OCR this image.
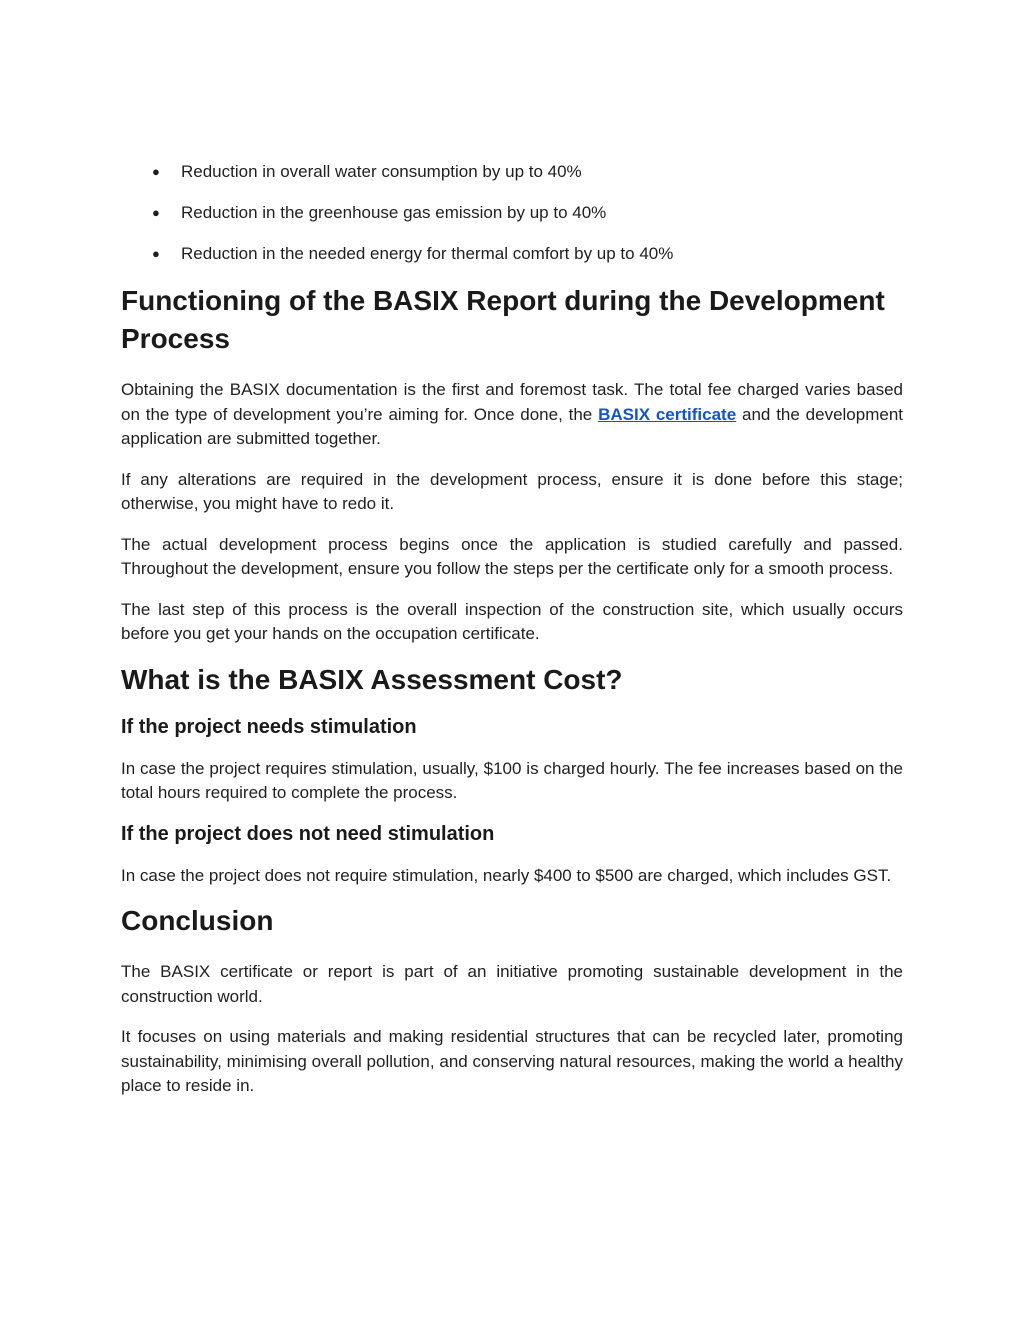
● Reduction in overall water consumption by up to 40%
● Reduction in the greenhouse gas emission by up to 40%
● Reduction in the needed energy for thermal comfort by up to 40%
Functioning of the BASIX Report during the Development Process

Obtaining the BASIX documentation is the first and foremost task. The total fee charged varies based on the type of development you’re aiming for. Once done, the BASIX certificate and the development application are submitted together.

If any alterations are required in the development process, ensure it is done before this stage; otherwise, you might have to redo it.

The actual development process begins once the application is studied carefully and passed. Throughout the development, ensure you follow the steps per the certificate only for a smooth process.

The last step of this process is the overall inspection of the construction site, which usually occurs before you get your hands on the occupation certificate.

What is the BASIX Assessment Cost?
If the project needs stimulation

In case the project requires stimulation, usually, $100 is charged hourly. The fee increases based on the total hours required to complete the process.

If the project does not need stimulation

In case the project does not require stimulation, nearly $400 to $500 are charged, which includes GST.

Conclusion

The BASIX certificate or report is part of an initiative promoting sustainable development in the construction world.

It focuses on using materials and making residential structures that can be recycled later, promoting sustainability, minimising overall pollution, and conserving natural resources, making the world a healthy place to reside in.
